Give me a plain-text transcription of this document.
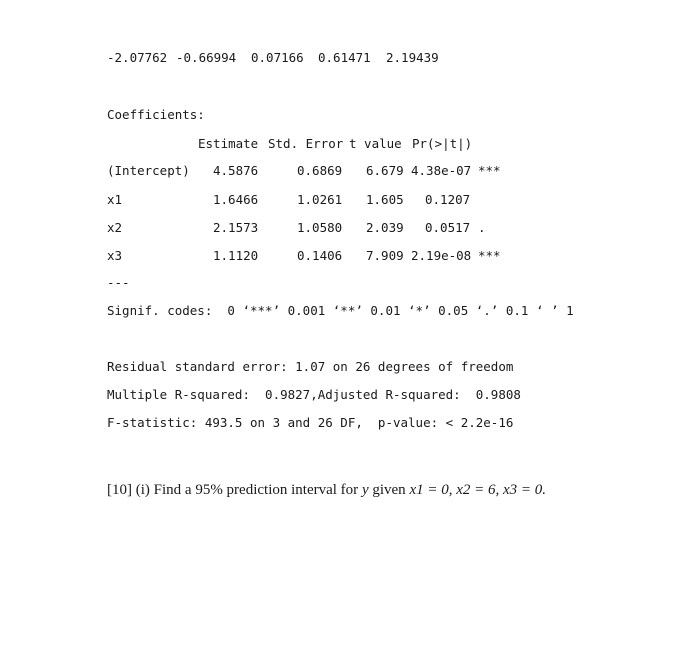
-2.07762 -0.66994 0.07166 0.61471 2.19439
Coefficients:
Estimate Std. Error t value Pr(>|t|)
(Intercept) 4.5876	0.6869 6.679 4.38e-07 ***
x1	1.6466	1.0261 1.605 0.1207
x2	2.1573	1.0580 2.039 0.0517 .
x3	1.1120	0.1406 7.909 2.19e-08 ***
---
Signif. codes:  0 ‘***’ 0.001 ‘**’ 0.01 ‘*’ 0.05 ‘.’ 0.1 ‘ ’ 1
Residual standard error: 1.07 on 26 degrees of freedom
Multiple R-squared:  0.9827,Adjusted R-squared:  0.9808
F-statistic: 493.5 on 3 and 26 DF,  p-value: < 2.2e-16
[10] (i) Find a 95% prediction interval for y given x1 = 0, x2 = 6, x3 = 0.
